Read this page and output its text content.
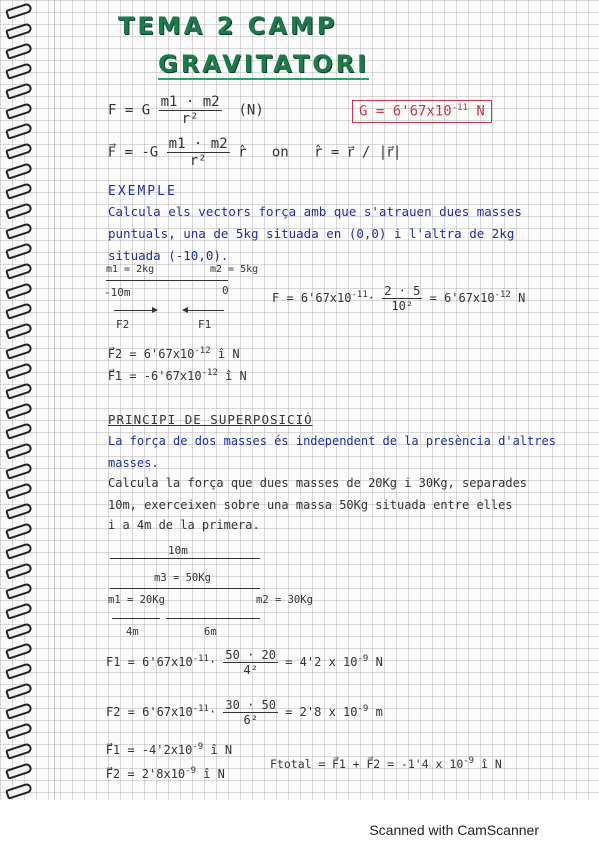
TEMA 2 CAMP
GRAVITATORI
F = G $\frac{m1 \cdot m2}{\text{r²}} (N)$	$G = 6'67x10^{-11}$ N
F⃗ = $-G \frac{m1 \cdot m2}{\text{r²}}$ r̂ on r̂ = r⃗ / |r⃗|
EXEMPLE
Calcula els vectors força amb que s'atrauen dues masses
puntuals, una de 5kg situada en (0,0) i l'altra de 2kg
situada (-10,0).
m1 = 2kg	m2 = 5kg
-10m	0
$F = 6'67x10^{-11}\cdot \frac{2 \cdot 5}{\text{10²}} = 6'67x10^{-12}$ N
F2	F1
F⃗2 = $6'67x10^{-12}$ î N
F⃗1 = $-6'67x10^{-12}$ î N
PRINCIPI DE SUPERPOSICIÓ
La força de dos masses és independent de la presència d'altres
masses.
Calcula la força que dues masses de 20Kg i 30Kg, separades
10m, exerceixen sobre una massa 50Kg situada entre elles
i a 4m de la primera.
10m
m3 = 50Kg
m1 = 20Kg	m2 = 30Kg
4m	6m
$F1 = 6'67x10^{-11}\cdot \frac{50 \cdot 20}{\text{4²}} = 4'2$ x $10^{-9}$ N
$F2 = 6'67x10^{-11}\cdot \frac{30 \cdot 50}{\text{6²}} = 2'8$ x $10^{-9}$ m
F⃗1 = $-4'2x10^{-9}$ î N
F⃗2 = $2'8x10^{-9}$ î N
Ftotal = F⃗1 + F⃗2 = -1'4 x $10^{-9}$ î N
Scanned with CamScanner
